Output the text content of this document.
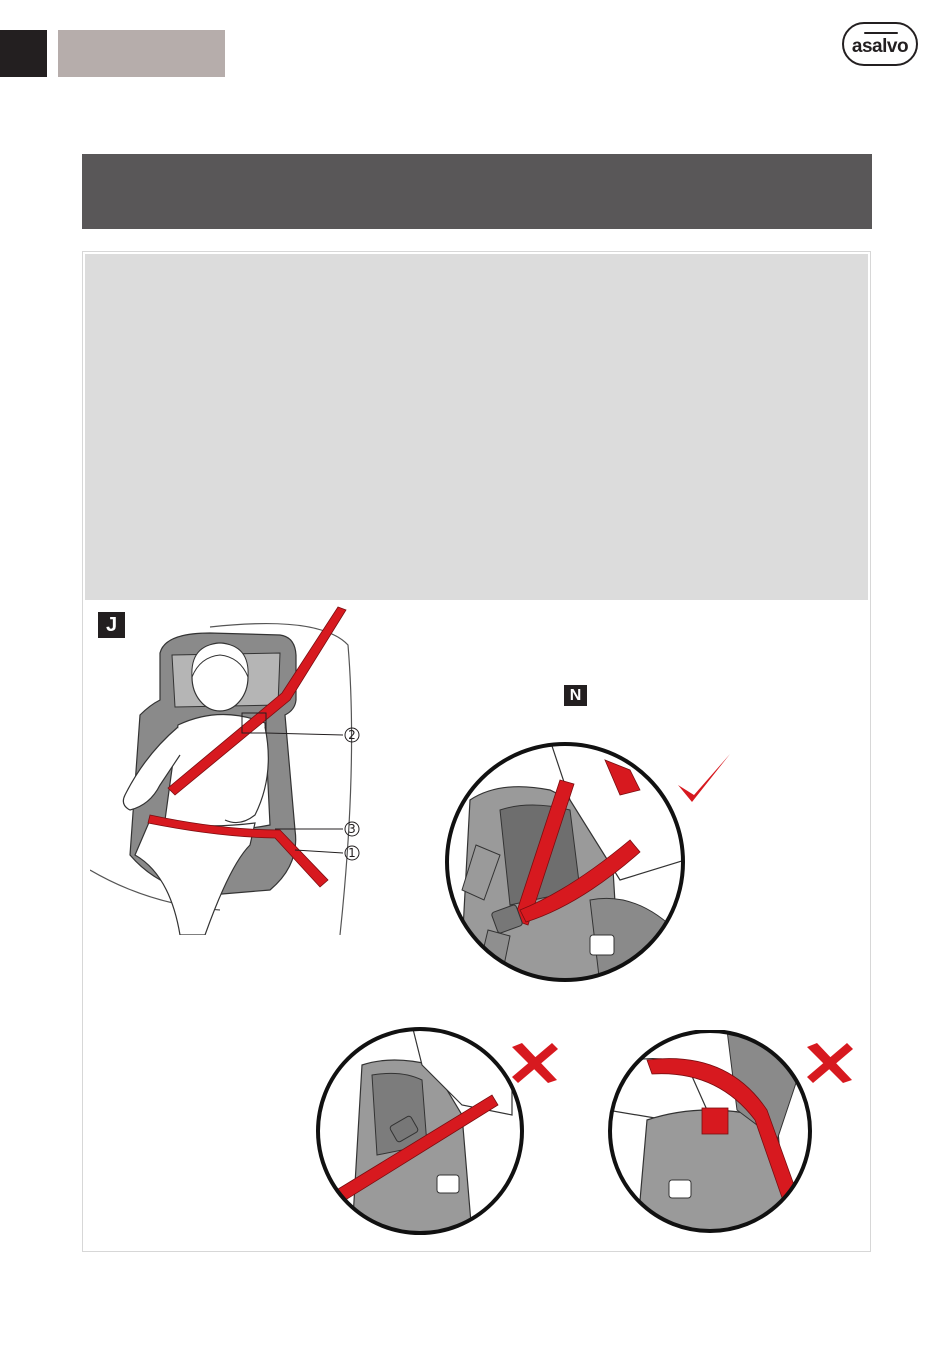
asalvo
J
2
3
1
N
